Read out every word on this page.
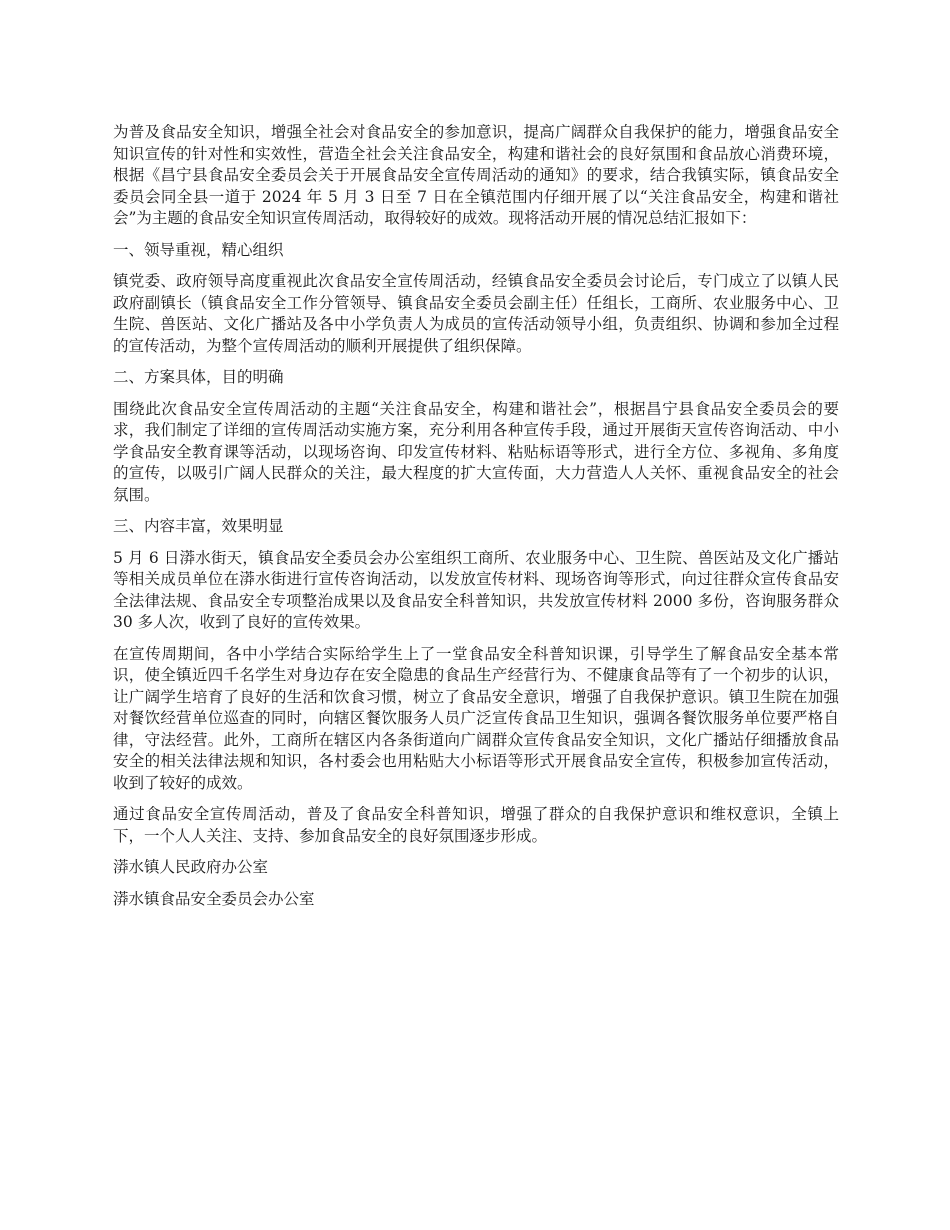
为普及食品安全知识，增强全社会对食品安全的参加意识，提高广阔群众自我保护的能力，增强食品安全知识宣传的针对性和实效性，营造全社会关注食品安全，构建和谐社会的良好氛围和食品放心消费环境，根据《昌宁县食品安全委员会关于开展食品安全宣传周活动的通知》的要求，结合我镇实际，镇食品安全委员会同全县一道于 2024 年 5 月 3 日至 7 日在全镇范围内仔细开展了以“关注食品安全，构建和谐社会”为主题的食品安全知识宣传周活动，取得较好的成效。现将活动开展的情况总结汇报如下：

一、领导重视，精心组织

镇党委、政府领导高度重视此次食品安全宣传周活动，经镇食品安全委员会讨论后，专门成立了以镇人民政府副镇长（镇食品安全工作分管领导、镇食品安全委员会副主任）任组长，工商所、农业服务中心、卫生院、兽医站、文化广播站及各中小学负责人为成员的宣传活动领导小组，负责组织、协调和参加全过程的宣传活动，为整个宣传周活动的顺利开展提供了组织保障。

二、方案具体，目的明确

围绕此次食品安全宣传周活动的主题“关注食品安全，构建和谐社会”，根据昌宁县食品安全委员会的要求，我们制定了详细的宣传周活动实施方案，充分利用各种宣传手段，通过开展街天宣传咨询活动、中小学食品安全教育课等活动，以现场咨询、印发宣传材料、粘贴标语等形式，进行全方位、多视角、多角度的宣传，以吸引广阔人民群众的关注，最大程度的扩大宣传面，大力营造人人关怀、重视食品安全的社会氛围。

三、内容丰富，效果明显

5 月 6 日漭水街天，镇食品安全委员会办公室组织工商所、农业服务中心、卫生院、兽医站及文化广播站等相关成员单位在漭水街进行宣传咨询活动，以发放宣传材料、现场咨询等形式，向过往群众宣传食品安全法律法规、食品安全专项整治成果以及食品安全科普知识，共发放宣传材料 2000 多份，咨询服务群众 30 多人次，收到了良好的宣传效果。

在宣传周期间，各中小学结合实际给学生上了一堂食品安全科普知识课，引导学生了解食品安全基本常识，使全镇近四千名学生对身边存在安全隐患的食品生产经营行为、不健康食品等有了一个初步的认识，让广阔学生培育了良好的生活和饮食习惯，树立了食品安全意识，增强了自我保护意识。镇卫生院在加强对餐饮经营单位巡查的同时，向辖区餐饮服务人员广泛宣传食品卫生知识，强调各餐饮服务单位要严格自律，守法经营。此外，工商所在辖区内各条街道向广阔群众宣传食品安全知识，文化广播站仔细播放食品安全的相关法律法规和知识，各村委会也用粘贴大小标语等形式开展食品安全宣传，积极参加宣传活动，收到了较好的成效。

通过食品安全宣传周活动，普及了食品安全科普知识，增强了群众的自我保护意识和维权意识，全镇上下，一个人人关注、支持、参加食品安全的良好氛围逐步形成。

漭水镇人民政府办公室

漭水镇食品安全委员会办公室
